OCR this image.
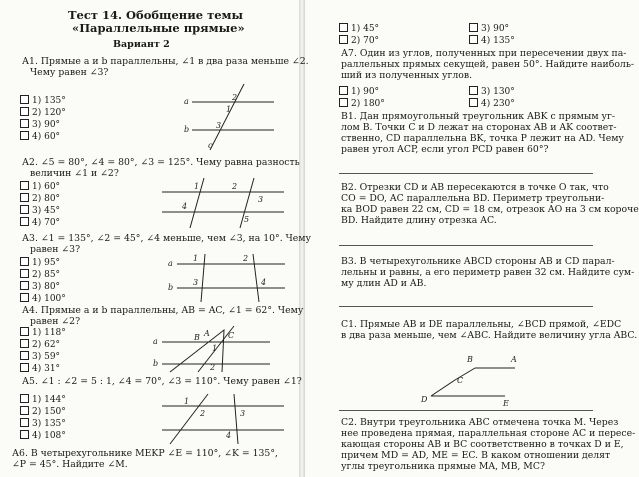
Тест 14. Обобщение темы
«Параллельные прямые»
Вариант 2
А1. Прямые a и b параллельны, ∠1 в два раза меньше ∠2.
Чему равен ∠3?
1) 135°
2) 120°
3) 90°
4) 60°
a
b
c
1
2
3
А2. ∠5 = 80°, ∠4 = 80°, ∠3 = 125°. Чему равна разность
величин ∠1 и ∠2?
1) 60°
2) 80°
3) 45°
4) 70°
1	2
3
4
5
А3. ∠1 = 135°, ∠2 = 45°, ∠4 меньше, чем ∠3, на 10°. Чему
равен ∠3?
1) 95°
2) 85°
3) 80°
4) 100°
a
b
1	2
3	4
А4. Прямые a и b параллельны, AB = AC, ∠1 = 62°. Чему
равен ∠2?
1) 118°
2) 62°
3) 59°
4) 31°
a
b
A
B	C
1
2
А5. ∠1 : ∠2 = 5 : 1, ∠4 = 70°, ∠3 = 110°. Чему равен ∠1?
1) 144°
2) 150°
3) 135°
4) 108°
1
2	3
4
А6. В четырехугольнике MEKP ∠E = 110°, ∠K = 135°,
∠P = 45°. Найдите ∠M.
1) 45°	3) 90°
2) 70°	4) 135°
А7. Один из углов, полученных при пересечении двух па-
раллельных прямых секущей, равен 50°. Найдите наиболь-
ший из полученных углов.
1) 90°	3) 130°
2) 180°	4) 230°
В1. Дан прямоугольный треугольник ABK с прямым уг-
лом B. Точки C и D лежат на сторонах AB и AK соответ-
ственно, CD параллельна BK, точка P лежит на AD. Чему
равен угол ACP, если угол PCD равен 60°?
В2. Отрезки CD и AB пересекаются в точке O так, что
CO = DO, AC параллельна BD. Периметр треугольни-
ка BOD равен 22 см, CD = 18 см, отрезок AO на 3 см короче
BD. Найдите длину отрезка AC.
В3. В четырехугольнике ABCD стороны AB и CD парал-
лельны и равны, а его периметр равен 32 см. Найдите сум-
му длин AD и AB.
С1. Прямые AB и DE параллельны, ∠BCD прямой, ∠EDC
в два раза меньше, чем ∠ABC. Найдите величину угла ABC.
B	A
C
D	E
С2. Внутри треугольника ABC отмечена точка M. Через
нее проведена прямая, параллельная стороне AC и пересе-
кающая стороны AB и BC соответственно в точках D и E,
причем MD = AD, ME = EC. В каком отношении делят
углы треугольника прямые MA, MB, MC?
